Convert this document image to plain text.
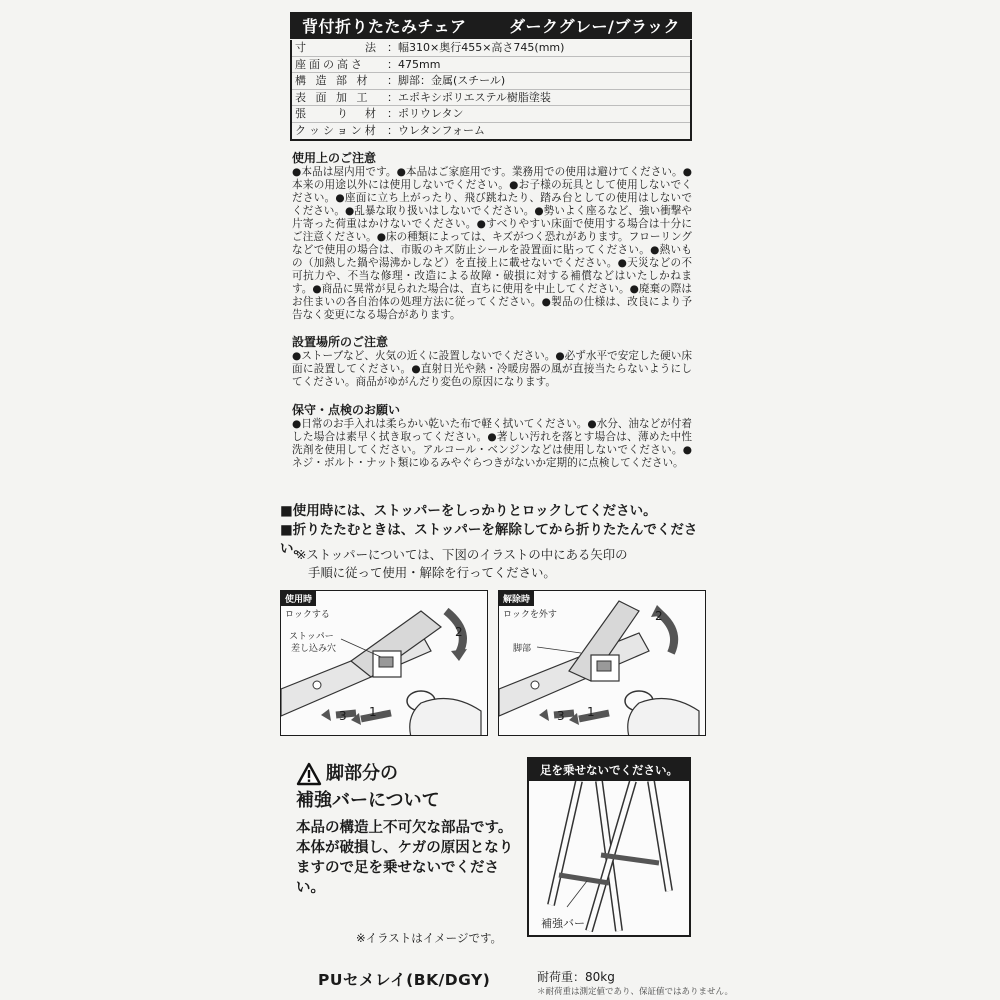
背付折りたたみチェア	ダークグレー/ブラック
寸　　　　法 ：幅310×奥行455×高さ745(mm)
座面の高さ	：475mm
構 造 部 材	：脚部：金属(スチール)
表 面 加 工	：エポキシポリエステル樹脂塗装
張　　り　材 ：ポリウレタン
クッション材 ：ウレタンフォーム
使用上のご注意

●本品は屋内用です。●本品はご家庭用です。業務用での使用は避けてください。●本来の用途以外には使用しないでください。●お子様の玩具として使用しないでください。●座面に立ち上がったり、飛び跳ねたり、踏み台としての使用はしないでください。●乱暴な取り扱いはしないでください。●勢いよく座るなど、強い衝撃や片寄った荷重はかけないでください。●すべりやすい床面で使用する場合は十分にご注意ください。●床の種類によっては、キズがつく恐れがあります。フローリングなどで使用の場合は、市販のキズ防止シールを設置面に貼ってください。●熱いもの（加熱した鍋や湯沸かしなど）を直接上に載せないでください。●天災などの不可抗力や、不当な修理・改造による故障・破損に対する補償などはいたしかねます。●商品に異常が見られた場合は、直ちに使用を中止してください。●廃棄の際はお住まいの各自治体の処理方法に従ってください。●製品の仕様は、改良により予告なく変更になる場合があります。

設置場所のご注意

●ストーブなど、火気の近くに設置しないでください。●必ず水平で安定した硬い床面に設置してください。●直射日光や熱・冷暖房器の風が直接当たらないようにしてください。商品がゆがんだり変色の原因になります。

保守・点検のお願い

●日常のお手入れは柔らかい乾いた布で軽く拭いてください。●水分、油などが付着した場合は素早く拭き取ってください。●著しい汚れを落とす場合は、薄めた中性洗剤を使用してください。アルコール・ベンジンなどは使用しないでください。●ネジ・ボルト・ナット類にゆるみやぐらつきがないか定期的に点検してください。

■使用時には、ストッパーをしっかりとロックしてください。
■折りたたむときは、ストッパーを解除してから折りたたんでください。
※ストッパーについては、下図のイラストの中にある矢印の
手順に従って使用・解除を行ってください。
使用時
ロックする
ストッパー
差し込み穴
2
1
3
解除時
ロックを外す
脚部
2
1
3
脚部分の
補強バーについて
本品の構造上不可欠な部品です。本体が破損し、ケガの原因となりますので足を乗せないでください。
※イラストはイメージです。
足を乗せないでください。
補強バー
PUセメレイ(BK/DGY)	耐荷重：80kg
＊耐荷重は測定値であり、保証値ではありません。
